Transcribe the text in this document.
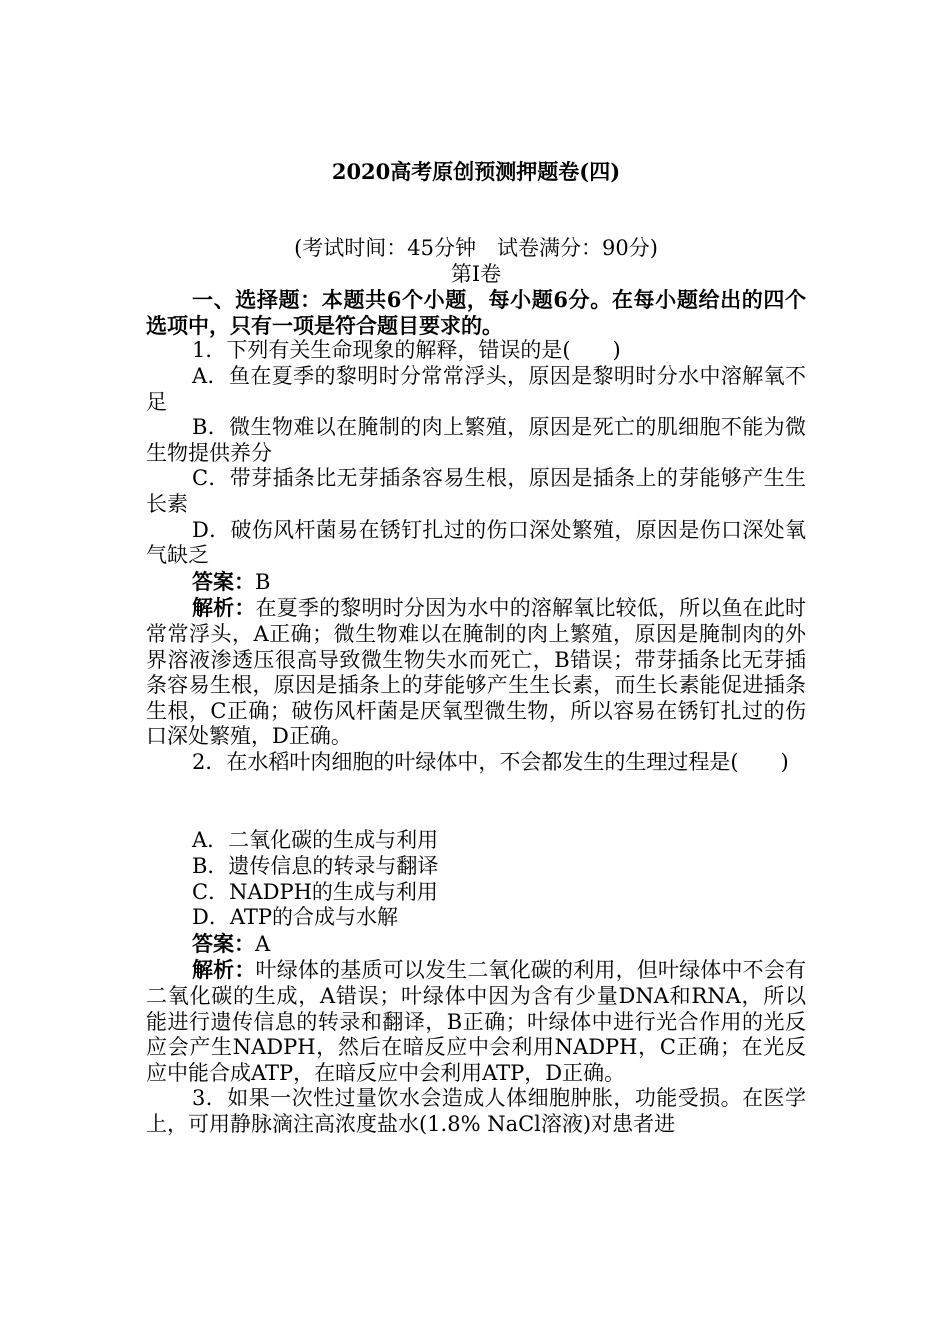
2020高考原创预测押题卷(四)
(考试时间：45分钟　试卷满分：90分)
第Ⅰ卷

一、选择题：本题共6个小题，每小题6分。在每小题给出的四个选项中，只有一项是符合题目要求的。

1．下列有关生命现象的解释，错误的是(　　)

A．鱼在夏季的黎明时分常常浮头，原因是黎明时分水中溶解氧不足

B．微生物难以在腌制的肉上繁殖，原因是死亡的肌细胞不能为微生物提供养分

C．带芽插条比无芽插条容易生根，原因是插条上的芽能够产生生长素

D．破伤风杆菌易在锈钉扎过的伤口深处繁殖，原因是伤口深处氧气缺乏

答案：B

解析：在夏季的黎明时分因为水中的溶解氧比较低，所以鱼在此时常常浮头，A正确；微生物难以在腌制的肉上繁殖，原因是腌制肉的外界溶液渗透压很高导致微生物失水而死亡，B错误；带芽插条比无芽插条容易生根，原因是插条上的芽能够产生生长素，而生长素能促进插条生根，C正确；破伤风杆菌是厌氧型微生物，所以容易在锈钉扎过的伤口深处繁殖，D正确。

2．在水稻叶肉细胞的叶绿体中，不会都发生的生理过程是(　　)

A．二氧化碳的生成与利用

B．遗传信息的转录与翻译

C．NADPH的生成与利用

D．ATP的合成与水解

答案：A

解析：叶绿体的基质可以发生二氧化碳的利用，但叶绿体中不会有二氧化碳的生成，A错误；叶绿体中因为含有少量DNA和RNA，所以能进行遗传信息的转录和翻译，B正确；叶绿体中进行光合作用的光反应会产生NADPH，然后在暗反应中会利用NADPH，C正确；在光反应中能合成ATP，在暗反应中会利用ATP，D正确。

3．如果一次性过量饮水会造成人体细胞肿胀，功能受损。在医学上，可用静脉滴注高浓度盐水(1.8% NaCl溶液)对患者进
